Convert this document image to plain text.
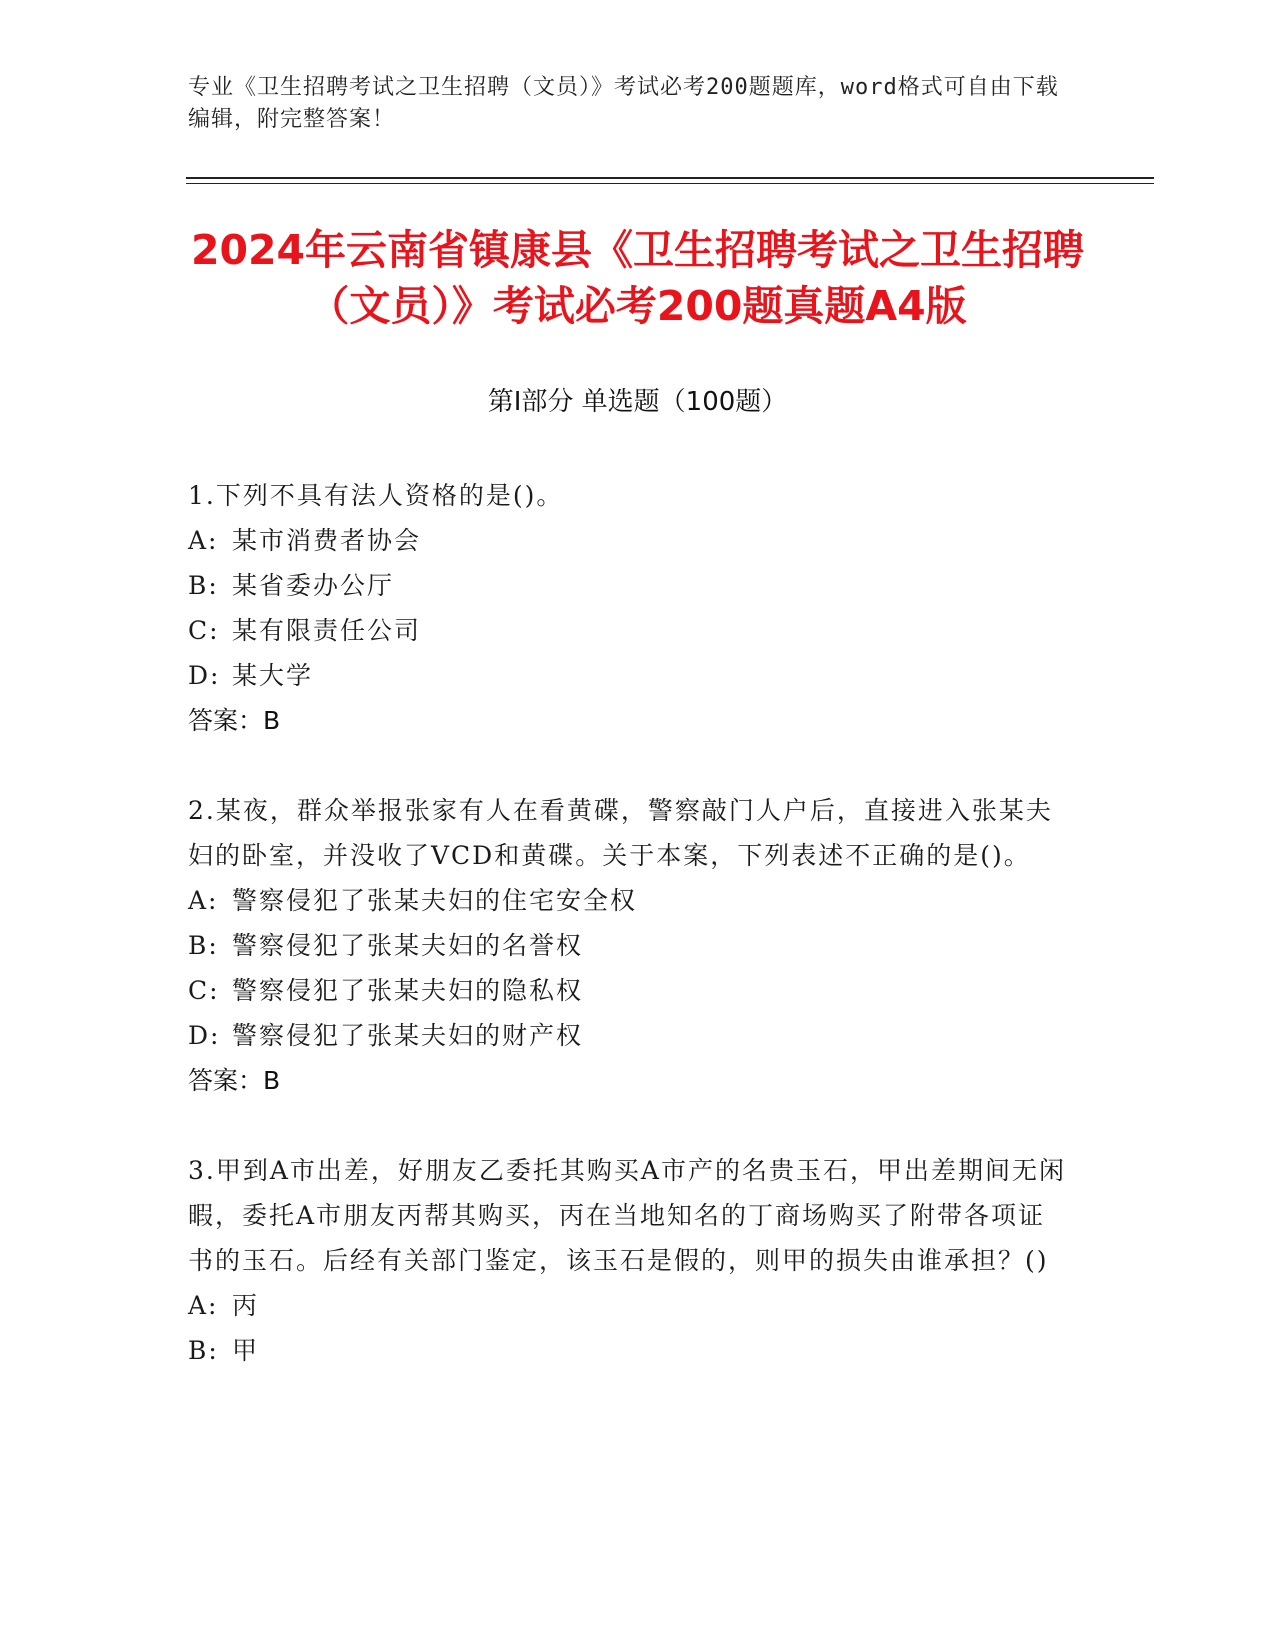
专业《卫生招聘考试之卫生招聘（文员）》考试必考200题题库，word格式可自由下载编辑，附完整答案！
2024年云南省镇康县《卫生招聘考试之卫生招聘（文员）》考试必考200题真题A4版
第I部分 单选题（100题）
1.下列不具有法人资格的是()。
A: 某市消费者协会
B: 某省委办公厅
C: 某有限责任公司
D: 某大学
答案：B
2.某夜，群众举报张家有人在看黄碟，警察敲门人户后，直接进入张某夫妇的卧室，并没收了VCD和黄碟。关于本案，下列表述不正确的是()。
A: 警察侵犯了张某夫妇的住宅安全权
B: 警察侵犯了张某夫妇的名誉权
C: 警察侵犯了张某夫妇的隐私权
D: 警察侵犯了张某夫妇的财产权
答案：B
3.甲到A市出差，好朋友乙委托其购买A市产的名贵玉石，甲出差期间无闲暇，委托A市朋友丙帮其购买，丙在当地知名的丁商场购买了附带各项证书的玉石。后经有关部门鉴定，该玉石是假的，则甲的损失由谁承担？()
A: 丙
B: 甲
